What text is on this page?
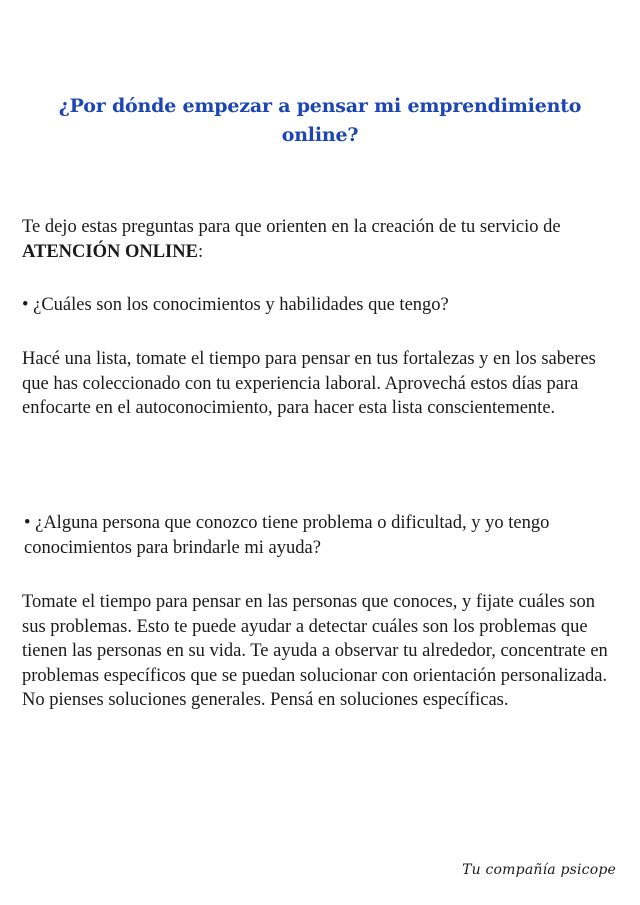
¿Por dónde empezar a pensar mi emprendimiento online?

Te dejo estas preguntas para que orienten en la creación de tu servicio de ATENCIÓN ONLINE:

• ¿Cuáles son los conocimientos y habilidades que tengo?

Hacé una lista, tomate el tiempo para pensar en tus fortalezas y en los saberes que has coleccionado con tu experiencia laboral. Aprovechá estos días para enfocarte en el autoconocimiento, para hacer esta lista conscientemente.

• ¿Alguna persona que conozco tiene problema o dificultad, y yo tengo conocimientos para brindarle mi ayuda?

Tomate el tiempo para pensar en las personas que conoces, y fijate cuáles son sus problemas. Esto te puede ayudar a detectar cuáles son los problemas que tienen las personas en su vida. Te ayuda a observar tu alrededor, concentrate en problemas específicos que se puedan solucionar con orientación personalizada. No pienses soluciones generales. Pensá en soluciones específicas.

Tu compañía psicope
